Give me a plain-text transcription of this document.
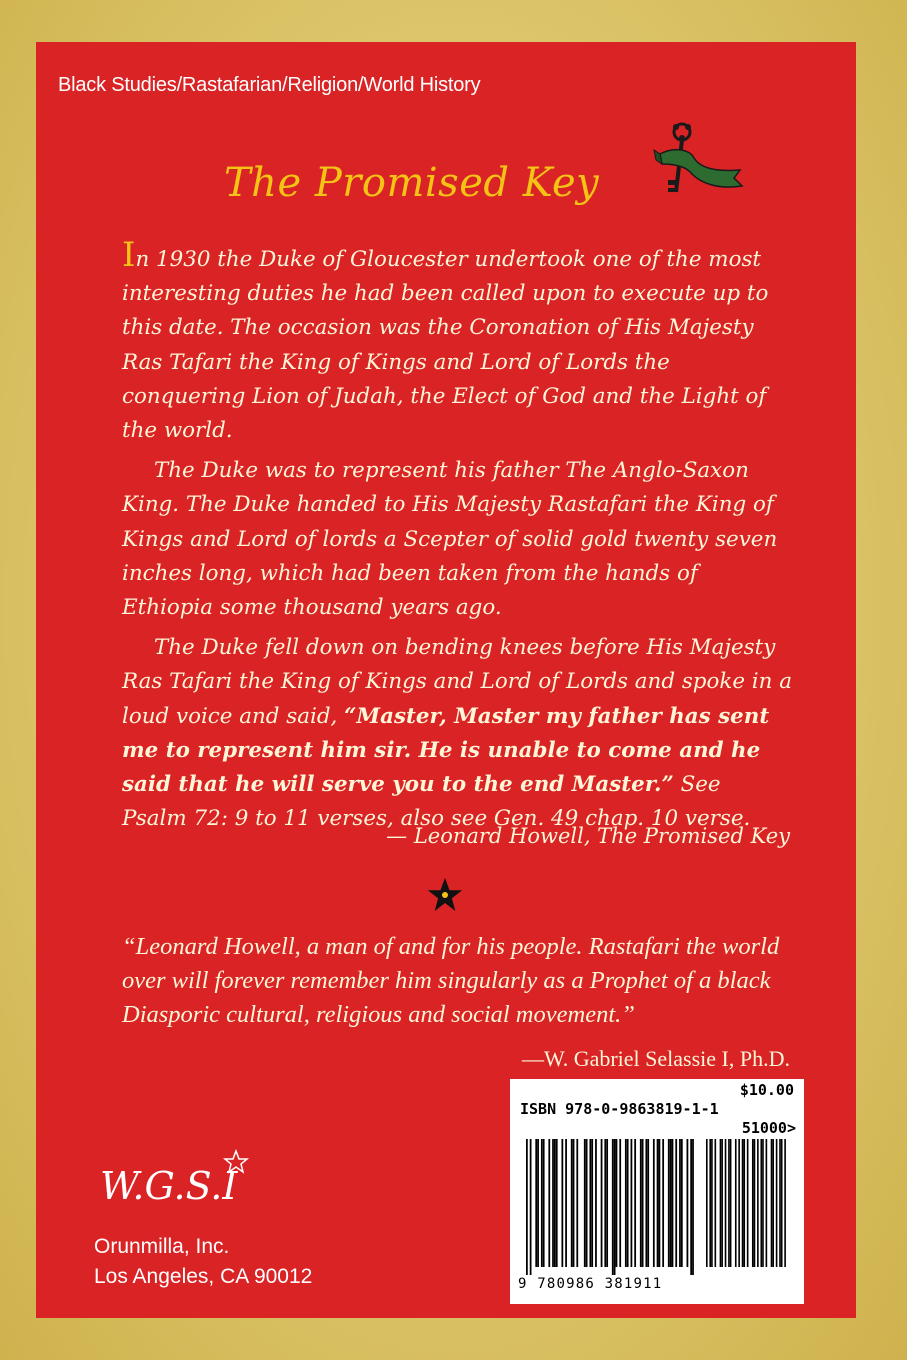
Black Studies/Rastafarian/Religion/World History
The Promised Key

In 1930 the Duke of Gloucester undertook one of the most interesting duties he had been called upon to execute up to this date. The occasion was the Coronation of His Majesty Ras Tafari the King of Kings and Lord of Lords the conquering Lion of Judah, the Elect of God and the Light of the world.

The Duke was to represent his father The Anglo-Saxon King. The Duke handed to His Majesty Rastafari the King of Kings and Lord of lords a Scepter of solid gold twenty seven inches long, which had been taken from the hands of Ethiopia some thousand years ago.

The Duke fell down on bending knees before His Majesty Ras Tafari the King of Kings and Lord of Lords and spoke in a loud voice and said, “Master, Master my father has sent me to represent him sir. He is unable to come and he said that he will serve you to the end Master.” See Psalm 72: 9 to 11 verses, also see Gen. 49 chap. 10 verse.

— Leonard Howell, The Promised Key
“Leonard Howell, a man of and for his people. Rastafari the world over will forever remember him singularly as a Prophet of a black Diasporic cultural, religious and social movement.”
—W. Gabriel Selassie I, Ph.D.
W.G.S.I
Orunmilla, Inc.
Los Angeles, CA 90012
$10.00
ISBN 978-0-9863819-1-1
51000>
9 780986 381911
